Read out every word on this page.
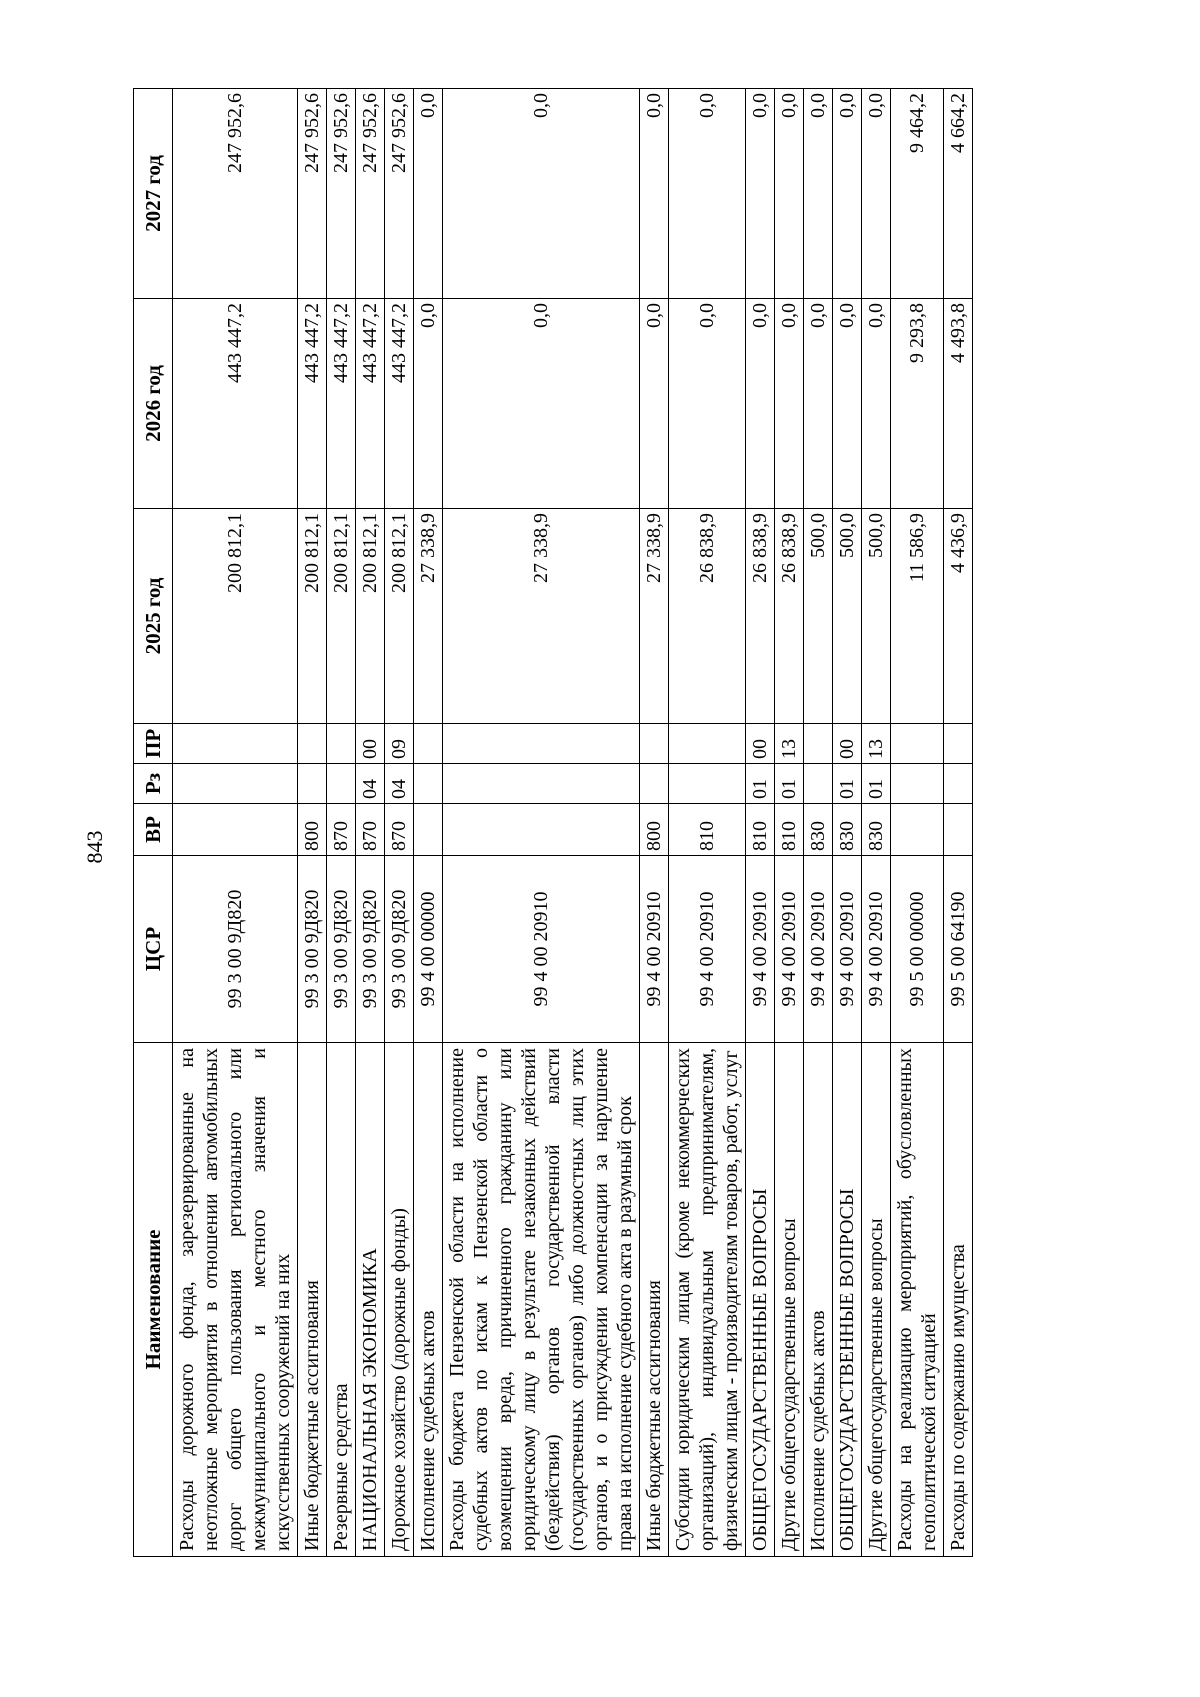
843
Наименование	ЦСР	ВР	Рз	ПР	2025 год	2026 год	2027 год
Расходы дорожного фонда, зарезервированные на неотложные мероприятия в отношении автомобильных дорог общего пользования регионального или межмуниципального и местного значения и искусственных сооружений на них	99 3 00 9Д820				200 812,1	443 447,2	247 952,6
Иные бюджетные ассигнования	99 3 00 9Д820	800			200 812,1	443 447,2	247 952,6
Резервные средства	99 3 00 9Д820	870			200 812,1	443 447,2	247 952,6
НАЦИОНАЛЬНАЯ ЭКОНОМИКА	99 3 00 9Д820	870	04	00	200 812,1	443 447,2	247 952,6
Дорожное хозяйство (дорожные фонды)	99 3 00 9Д820	870	04	09	200 812,1	443 447,2	247 952,6
Исполнение судебных актов	99 4 00 00000				27 338,9	0,0	0,0
Расходы бюджета Пензенской области на исполнение судебных актов по искам к Пензенской области о возмещении вреда, причиненного гражданину или юридическому лицу в результате незаконных действий (бездействия) органов государственной власти (государственных органов) либо должностных лиц этих органов, и о присуждении компенсации за нарушение права на исполнение судебного акта в разумный срок	99 4 00 20910				27 338,9	0,0	0,0
Иные бюджетные ассигнования	99 4 00 20910	800			27 338,9	0,0	0,0
Субсидии юридическим лицам (кроме некоммерческих организаций), индивидуальным предпринимателям, физическим лицам - производителям товаров, работ, услуг	99 4 00 20910	810			26 838,9	0,0	0,0
ОБЩЕГОСУДАРСТВЕННЫЕ ВОПРОСЫ	99 4 00 20910	810	01	00	26 838,9	0,0	0,0
Другие общегосударственные вопросы	99 4 00 20910	810	01	13	26 838,9	0,0	0,0
Исполнение судебных актов	99 4 00 20910	830			500,0	0,0	0,0
ОБЩЕГОСУДАРСТВЕННЫЕ ВОПРОСЫ	99 4 00 20910	830	01	00	500,0	0,0	0,0
Другие общегосударственные вопросы	99 4 00 20910	830	01	13	500,0	0,0	0,0
Расходы на реализацию мероприятий, обусловленных геополитической ситуацией	99 5 00 00000				11 586,9	9 293,8	9 464,2
Расходы по содержанию имущества	99 5 00 64190				4 436,9	4 493,8	4 664,2
